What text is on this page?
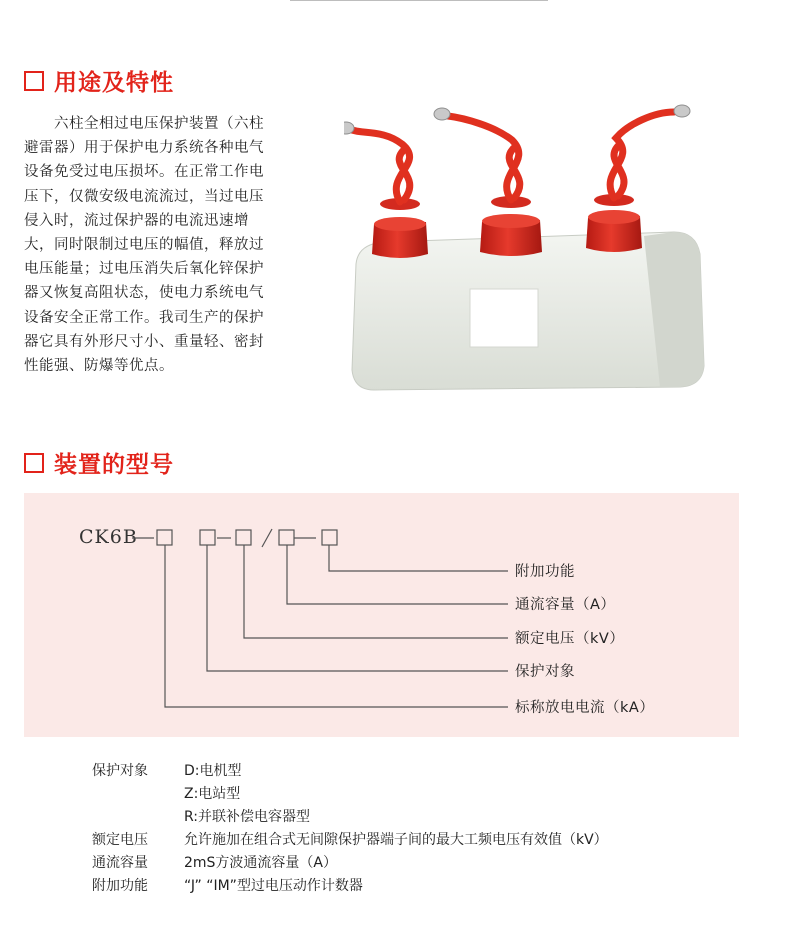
用途及特性
　　六柱全相过电压保护装置（六柱
避雷器）用于保护电力系统各种电气
设备免受过电压损坏。在正常工作电
压下，仅微安级电流流过，当过电压
侵入时，流过保护器的电流迅速增
大，同时限制过电压的幅值，释放过
电压能量；过电压消失后氧化锌保护
器又恢复高阻状态，使电力系统电气
设备安全正常工作。我司生产的保护
器它具有外形尺寸小、重量轻、密封
性能强、防爆等优点。
装置的型号
CK6B
附加功能
通流容量（A）
额定电压（kV）
保护对象
标称放电电流（kA）
保护对象	D:电机型
Z:电站型
R:并联补偿电容器型
额定电压	允许施加在组合式无间隙保护器端子间的最大工频电压有效值（kV）
通流容量	2mS方波通流容量（A）
附加功能	“J” “IM”型过电压动作计数器
